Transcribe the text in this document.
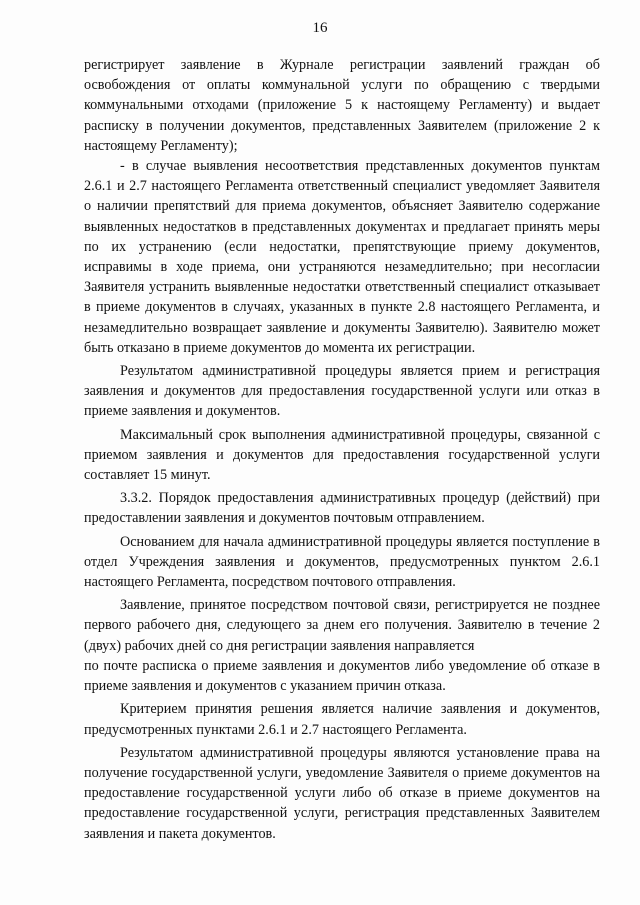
16

регистрирует заявление в Журнале регистрации заявлений граждан об освобождения от оплаты коммунальной услуги по обращению с твердыми коммунальными отходами (приложение 5 к настоящему Регламенту) и выдает расписку в получении документов, представленных Заявителем (приложение 2 к настоящему Регламенту);

- в случае выявления несоответствия представленных документов пунктам 2.6.1 и 2.7 настоящего Регламента ответственный специалист уведомляет Заявителя о наличии препятствий для приема документов, объясняет Заявителю содержание выявленных недостатков в представленных документах и предлагает принять меры по их устранению (если недостатки, препятствующие приему документов, исправимы в ходе приема, они устраняются незамедлительно; при несогласии Заявителя устранить выявленные недостатки ответственный специалист отказывает в приеме документов в случаях, указанных в пункте 2.8 настоящего Регламента, и незамедлительно возвращает заявление и документы Заявителю). Заявителю может быть отказано в приеме документов до момента их регистрации.

Результатом административной процедуры является прием и регистрация заявления и документов для предоставления государственной услуги или отказ в приеме заявления и документов.

Максимальный срок выполнения административной процедуры, связанной с приемом заявления и документов для предоставления государственной услуги составляет 15 минут.

3.3.2. Порядок предоставления административных процедур (действий) при предоставлении заявления и документов почтовым отправлением.

Основанием для начала административной процедуры является поступление в отдел Учреждения заявления и документов, предусмотренных пунктом 2.6.1 настоящего Регламента, посредством почтового отправления.

Заявление, принятое посредством почтовой связи, регистрируется не позднее первого рабочего дня, следующего за днем его получения. Заявителю в течение 2 (двух) рабочих дней со дня регистрации заявления направляется

по почте расписка о приеме заявления и документов либо уведомление об отказе в приеме заявления и документов с указанием причин отказа.

Критерием принятия решения является наличие заявления и документов, предусмотренных пунктами 2.6.1 и 2.7 настоящего Регламента.

Результатом административной процедуры являются установление права на получение государственной услуги, уведомление Заявителя о приеме документов на предоставление государственной услуги либо об отказе в приеме документов на предоставление государственной услуги, регистрация представленных Заявителем заявления и пакета документов.
